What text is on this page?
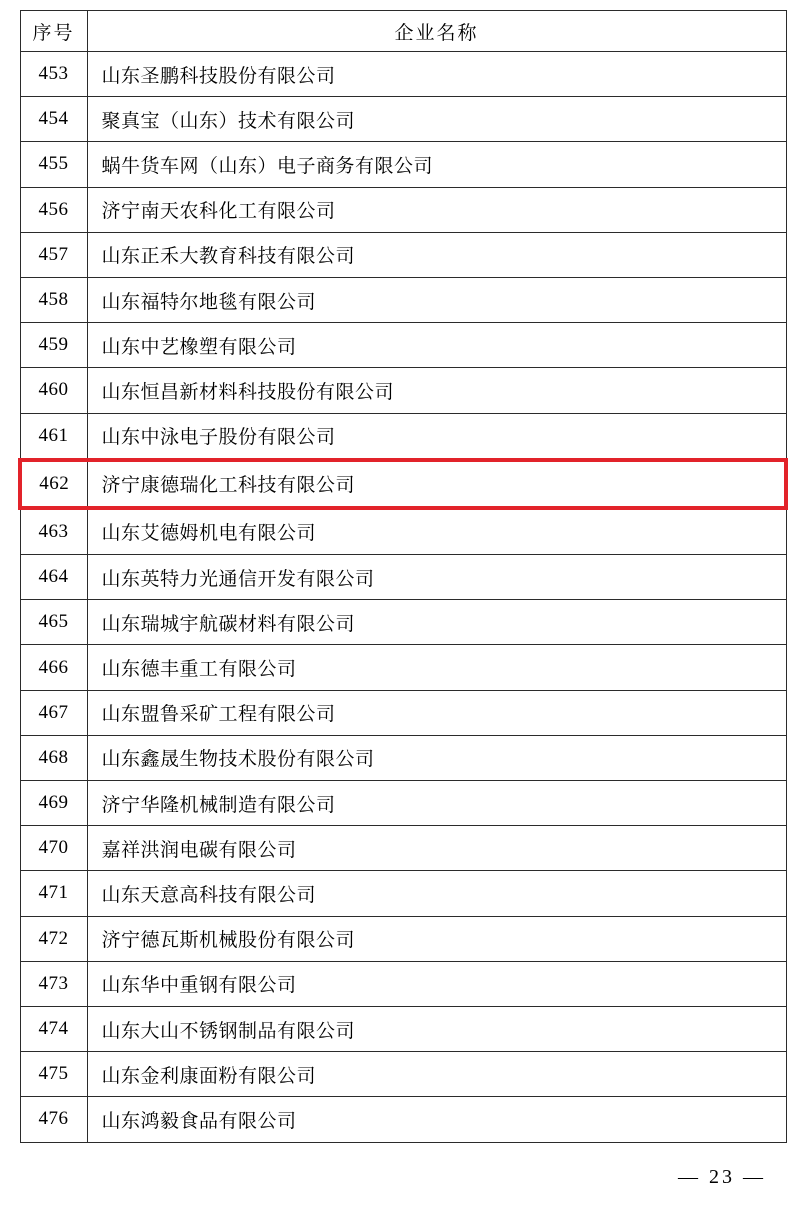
序号	企业名称
453	山东圣鹏科技股份有限公司
454	聚真宝（山东）技术有限公司
455	蜗牛货车网（山东）电子商务有限公司
456	济宁南天农科化工有限公司
457	山东正禾大教育科技有限公司
458	山东福特尔地毯有限公司
459	山东中艺橡塑有限公司
460	山东恒昌新材料科技股份有限公司
461	山东中泳电子股份有限公司
462	济宁康德瑞化工科技有限公司
463	山东艾德姆机电有限公司
464	山东英特力光通信开发有限公司
465	山东瑞城宇航碳材料有限公司
466	山东德丰重工有限公司
467	山东盟鲁采矿工程有限公司
468	山东鑫晟生物技术股份有限公司
469	济宁华隆机械制造有限公司
470	嘉祥洪润电碳有限公司
471	山东天意高科技有限公司
472	济宁德瓦斯机械股份有限公司
473	山东华中重钢有限公司
474	山东大山不锈钢制品有限公司
475	山东金利康面粉有限公司
476	山东鸿毅食品有限公司
— 23 —
